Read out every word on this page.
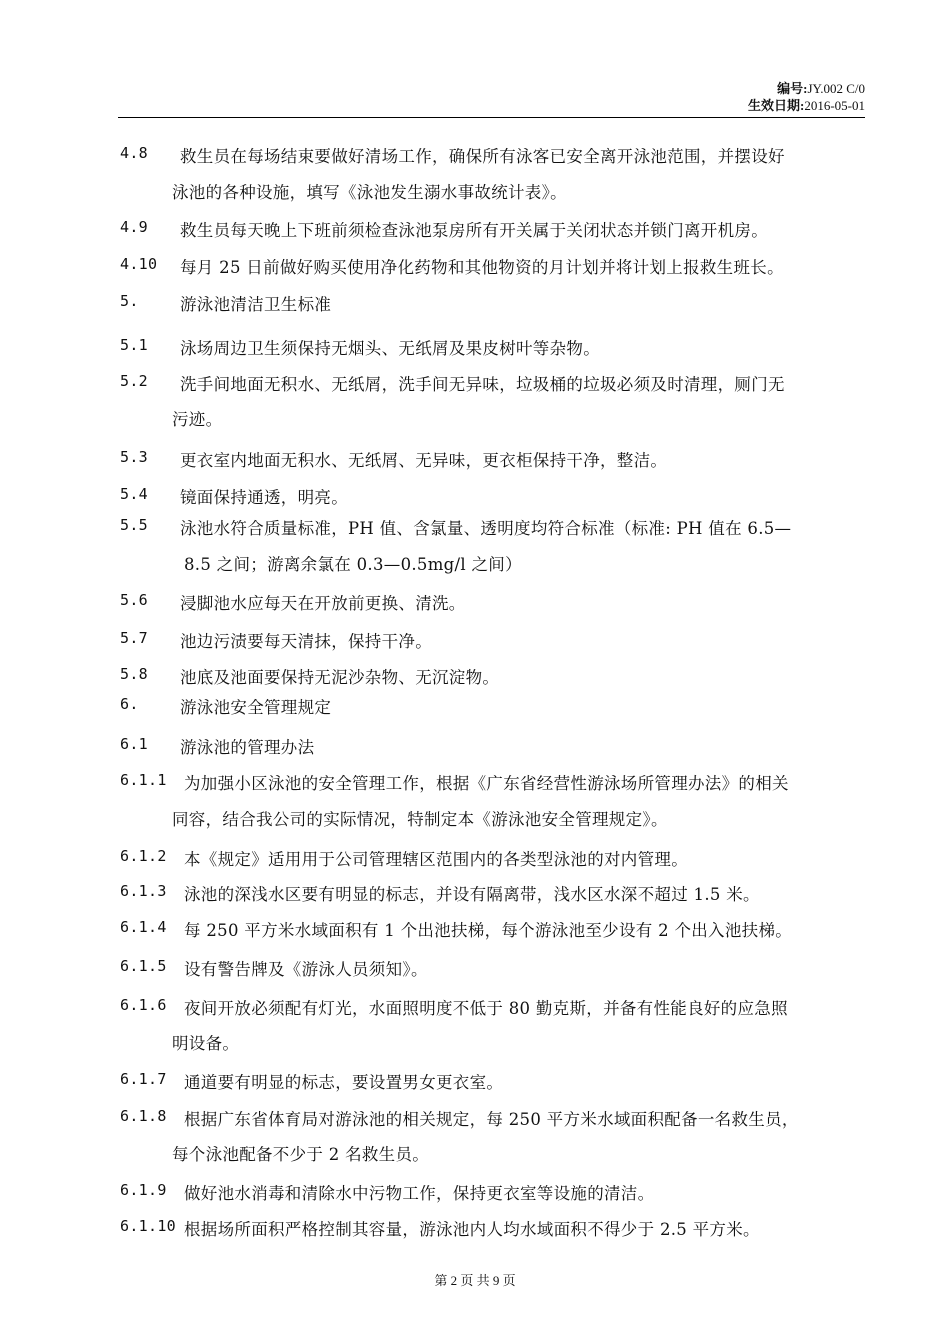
编号:JY.002 C/0
生效日期:2016-05-01
4.8 救生员在每场结束要做好清场工作，确保所有泳客已安全离开泳池范围，并摆设好
泳池的各种设施，填写《泳池发生溺水事故统计表》。
4.9 救生员每天晚上下班前须检查泳池泵房所有开关属于关闭状态并锁门离开机房。
4.10 每月 25 日前做好购买使用净化药物和其他物资的月计划并将计划上报救生班长。
5.	游泳池清洁卫生标准
5.1 泳场周边卫生须保持无烟头、无纸屑及果皮树叶等杂物。
5.2 洗手间地面无积水、无纸屑，洗手间无异味，垃圾桶的垃圾必须及时清理，厕门无
污迹。
5.3 更衣室内地面无积水、无纸屑、无异味，更衣柜保持干净，整洁。
5.4 镜面保持通透，明亮。
5.5 泳池水符合质量标准，PH 值、含氯量、透明度均符合标准（标准: PH 值在 6.5—
8.5 之间；游离余氯在 0.3—0.5mg/l 之间）
5.6 浸脚池水应每天在开放前更换、清洗。
5.7 池边污渍要每天清抹，保持干净。
5.8 池底及池面要保持无泥沙杂物、无沉淀物。
6.	游泳池安全管理规定
6.1 游泳池的管理办法
6.1.1 为加强小区泳池的安全管理工作，根据《广东省经营性游泳场所管理办法》的相关
同容，结合我公司的实际情况，特制定本《游泳池安全管理规定》。
6.1.2 本《规定》适用用于公司管理辖区范围内的各类型泳池的对内管理。
6.1.3 泳池的深浅水区要有明显的标志，并设有隔离带，浅水区水深不超过 1.5 米。
6.1.4 每 250 平方米水域面积有 1 个出池扶梯，每个游泳池至少设有 2 个出入池扶梯。
6.1.5 设有警告牌及《游泳人员须知》。
6.1.6 夜间开放必须配有灯光，水面照明度不低于 80 勤克斯，并备有性能良好的应急照
明设备。
6.1.7 通道要有明显的标志，要设置男女更衣室。
6.1.8 根据广东省体育局对游泳池的相关规定，每 250 平方米水域面积配备一名救生员，
每个泳池配备不少于 2 名救生员。
6.1.9 做好池水消毒和清除水中污物工作，保持更衣室等设施的清洁。
6.1.10 根据场所面积严格控制其容量，游泳池内人均水域面积不得少于 2.5 平方米。
第 2 页 共 9 页
